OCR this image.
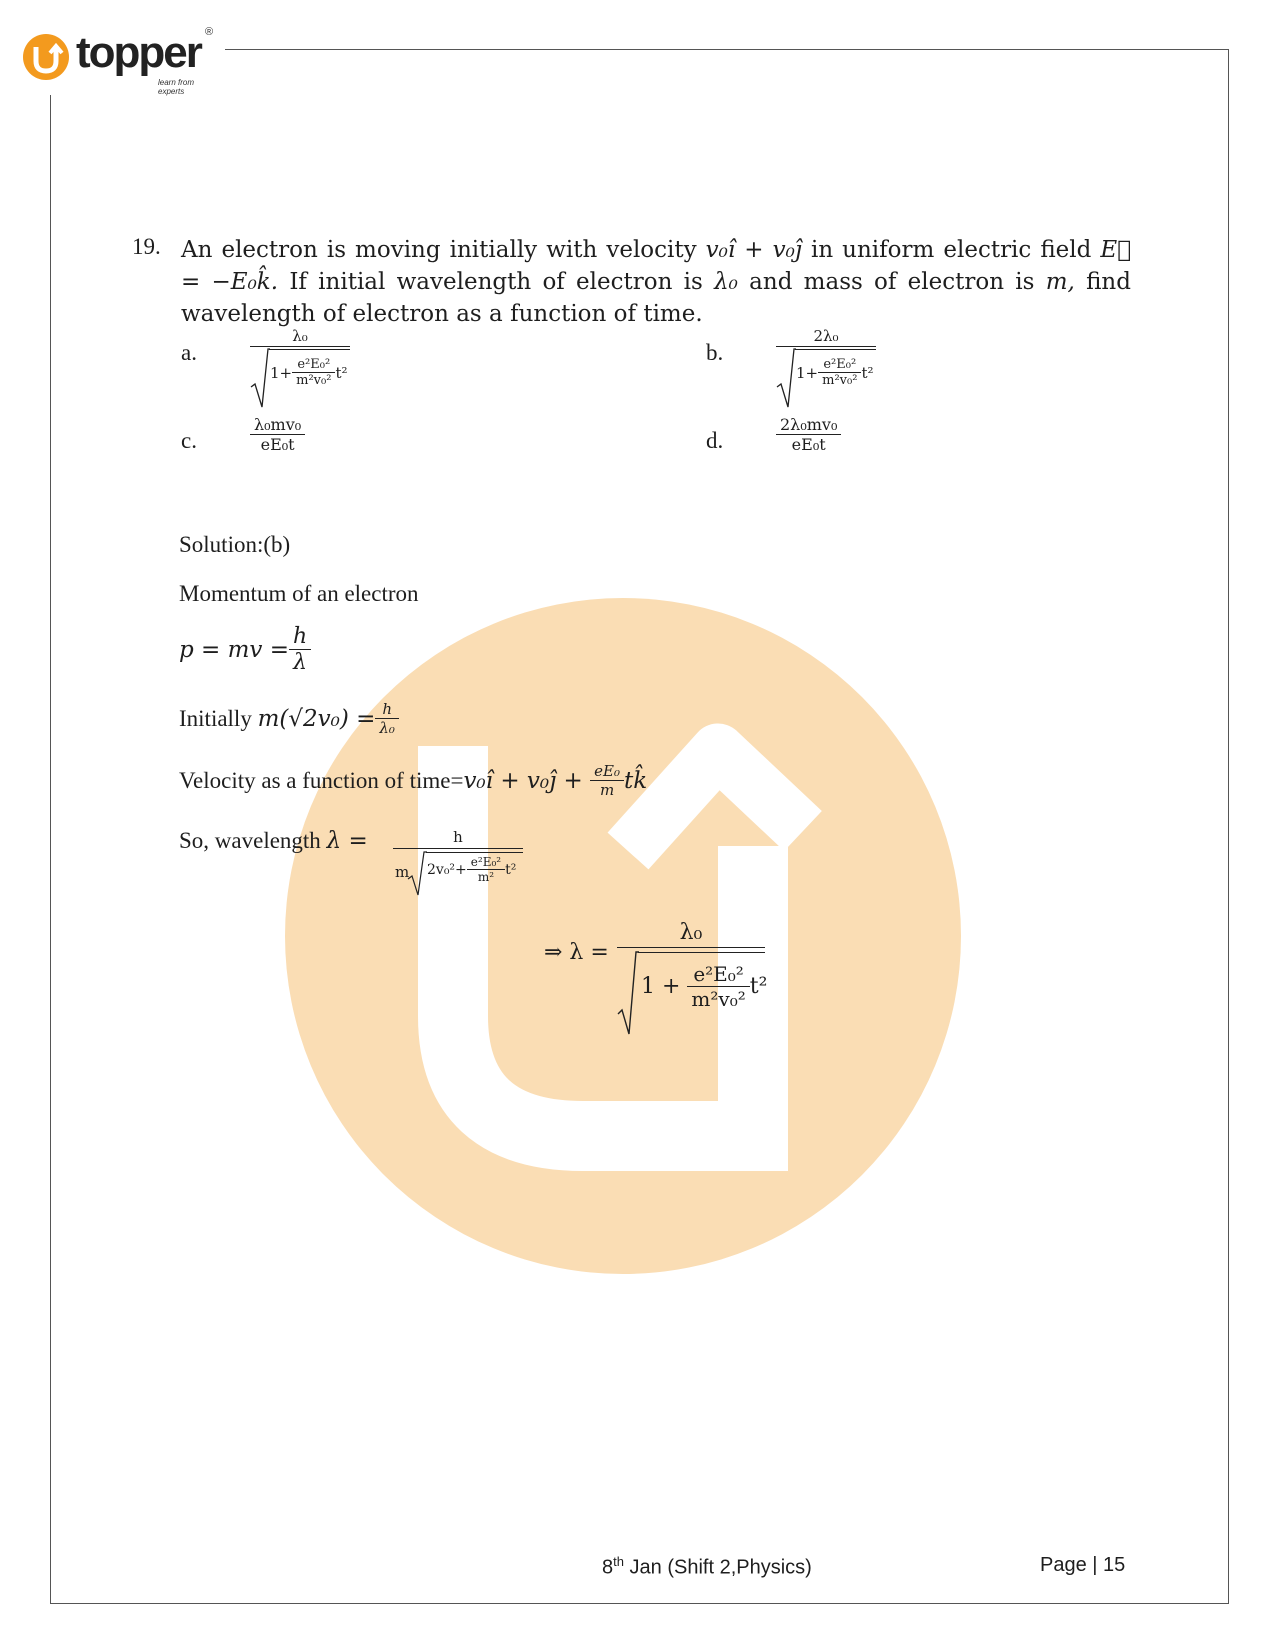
topper ®
learn from experts
19. An electron is moving initially with velocity v₀î + v₀ĵ in uniform electric field E⃗ = −E₀k̂. If initial wavelength of electron is λ₀ and mass of electron is m, find wavelength of electron as a function of time.
a.
λ₀
$1+ \frac{\text{e²E₀²}}{\text{m²v₀²}} t^2$
b.
2λ₀
$1+ \frac{\text{e²E₀²}}{\text{m²v₀²}} t^2$
c.	$\frac{\text{λ₀mv₀}}{\text{eE₀t}}$	d.	$\frac{\text{2λ₀mv₀}}{\text{eE₀t}}$
Solution:(b)
Momentum of an electron
p = mv = $\frac{h}{\lambda}$
Initially $m(√2v_0) = \frac{h}{\text{λ₀}}$
Velocity as a function of time= v₀î + v₀ĵ + $\frac{\text{eE₀}}{m}$ tk̂
So, wavelength λ =	h
m $2v_0^2+ \frac{\text{e²E₀²}}{\text{m²}} t^2$
⇒ λ =
λ₀
$1 + \frac{\text{e²E₀²}}{\text{m²v₀²}} t^2$
8th Jan (Shift 2,Physics)	Page | 15
